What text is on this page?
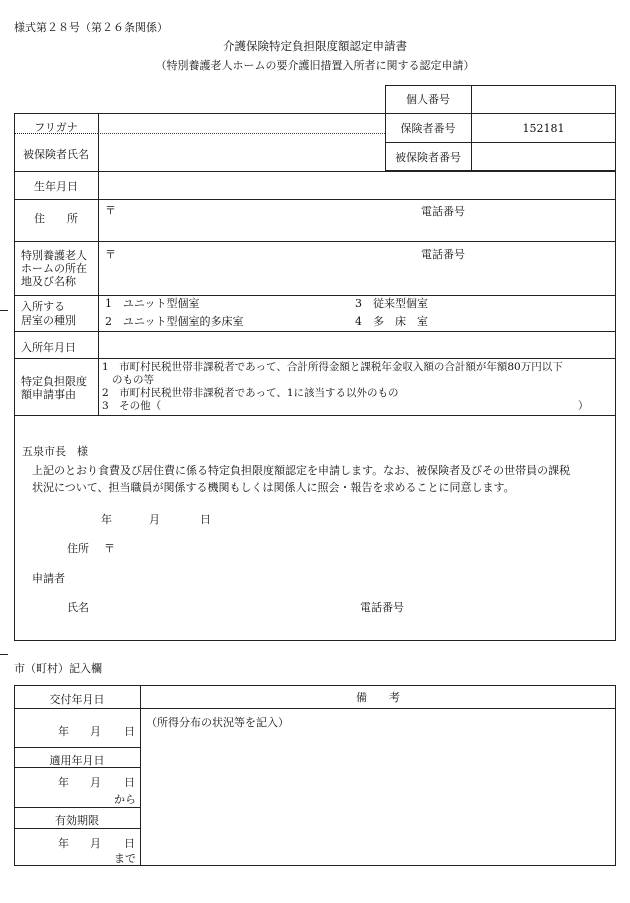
様式第２８号（第２６条関係）
介護保険特定負担限度額認定申請書
（特別養護老人ホームの要介護旧措置入所者に関する認定申請）
個人番号
保険者番号	152181
被保険者番号
フリガナ
被保険者氏名
生年月日
住　　所
〒	電話番号
特別養護老人
ホームの所在
地及び名称
〒	電話番号
入所する
居室の種別
1　ユニット型個室
2　ユニット型個室的多床室
3　従来型個室
4　多　床　室
入所年月日
特定負担限度
額申請事由
1　市町村民税世帯非課税者であって、合計所得金額と課税年金収入額の合計額が年額80万円以下
のもの等
2　市町村民税世帯非課税者であって、1に該当する以外のもの
3　その他（	）
五泉市長　様
上記のとおり食費及び居住費に係る特定負担限度額認定を申請します。なお、被保険者及びその世帯員の課税
状況について、担当職員が関係する機関もしくは関係人に照会・報告を求めることに同意します。
年	月	日
住所 〒
申請者
氏名	電話番号
市（町村）記入欄
交付年月日	備　　考
（所得分布の状況等を記入）
年 月 日
適用年月日
年 月 日
から
有効期限
年 月 日
まで
